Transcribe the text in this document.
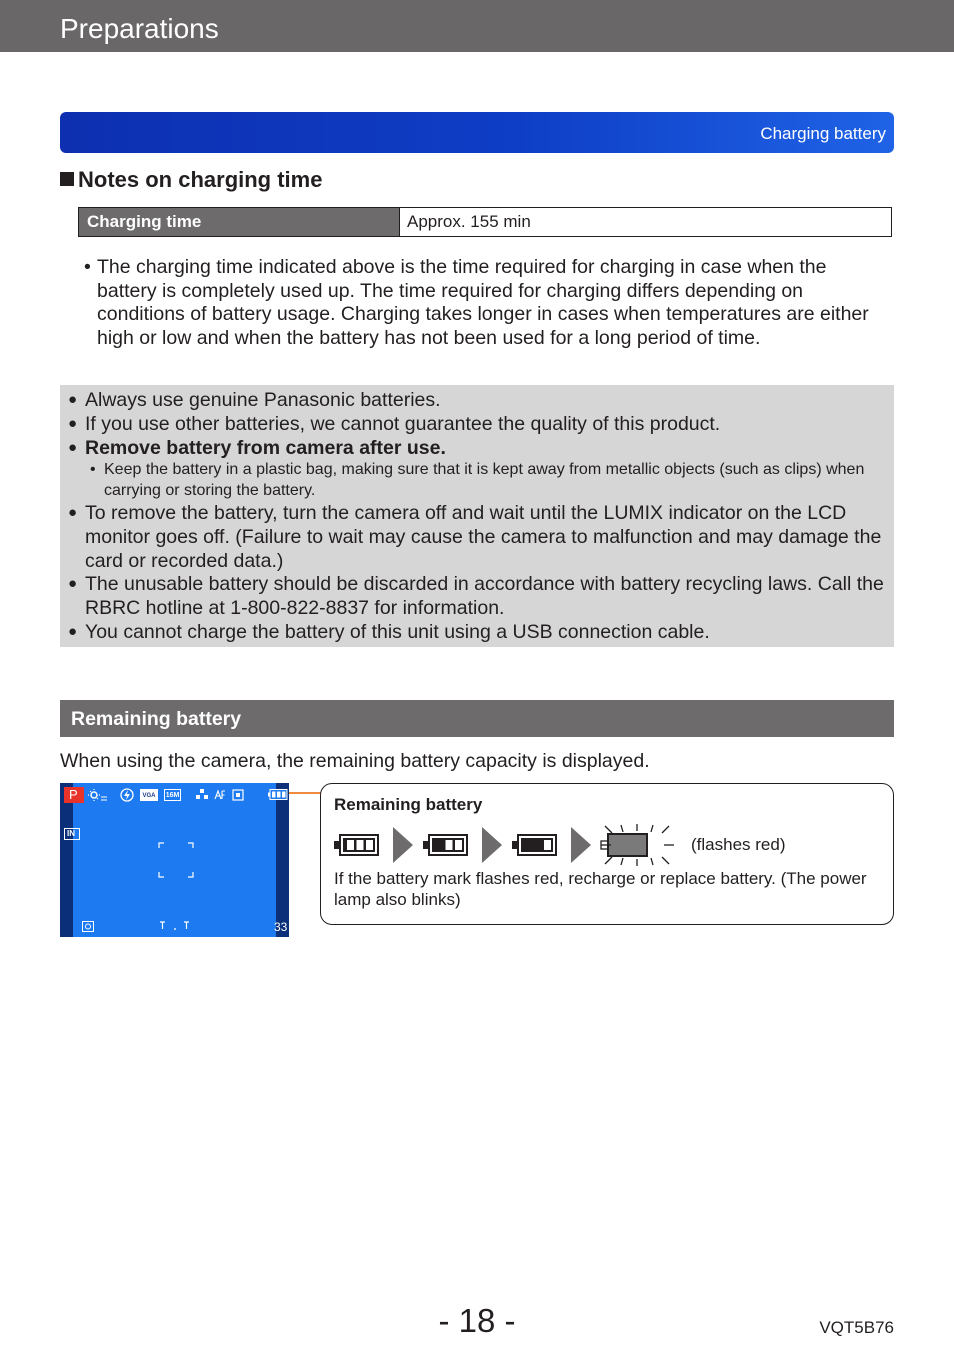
Preparations
Charging battery
Notes on charging time
Charging time	Approx. 155 min
• The charging time indicated above is the time required for charging in case when the battery is completely used up. The time required for charging differs depending on conditions of battery usage. Charging takes longer in cases when temperatures are either high or low and when the battery has not been used for a long period of time.
● Always use genuine Panasonic batteries.
● If you use other batteries, we cannot guarantee the quality of this product.
● Remove battery from camera after use.
• Keep the battery in a plastic bag, making sure that it is kept away from metallic objects (such as clips) when carrying or storing the battery.
● To remove the battery, turn the camera off and wait until the LUMIX indicator on the LCD monitor goes off. (Failure to wait may cause the camera to malfunction and may damage the card or recorded data.)
● The unusable battery should be discarded in accordance with battery recycling laws. Call the RBRC hotline at 1-800-822-8837 for information.
● You cannot charge the battery of this unit using a USB connection cable.
Remaining battery
When using the camera, the remaining battery capacity is displayed.
P	VGA	16M
IN
33
Remaining battery
(flashes red)
If the battery mark flashes red, recharge or replace battery. (The power lamp also blinks)
- 18 -	VQT5B76
